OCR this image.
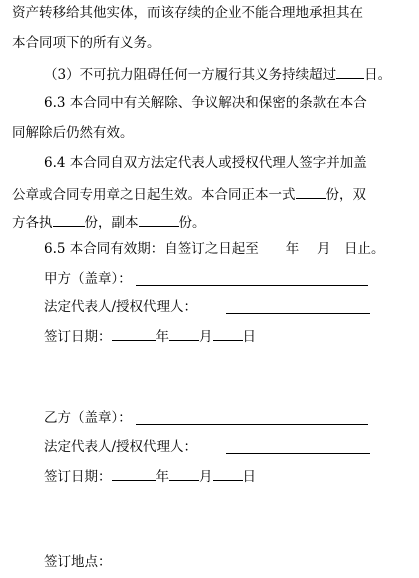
资产转移给其他实体，而该存续的企业不能合理地承担其在
本合同项下的所有义务。
（3）不可抗力阻碍任何一方履行其义务持续超过 日。
6.3 本合同中有关解除、争议解决和保密的条款在本合
同解除后仍然有效。
6.4 本合同自双方法定代表人或授权代理人签字并加盖
公章或合同专用章之日起生效。本合同正本一式 份，双
方各执 份，副本	份。
6.5 本合同有效期：自签订之日起至　　年　 月　日止。
甲方（盖章）：
法定代表人/授权代理人：
签订日期：	年 月 日
乙方（盖章）：
法定代表人/授权代理人：
签订日期：	年 月 日
签订地点：
